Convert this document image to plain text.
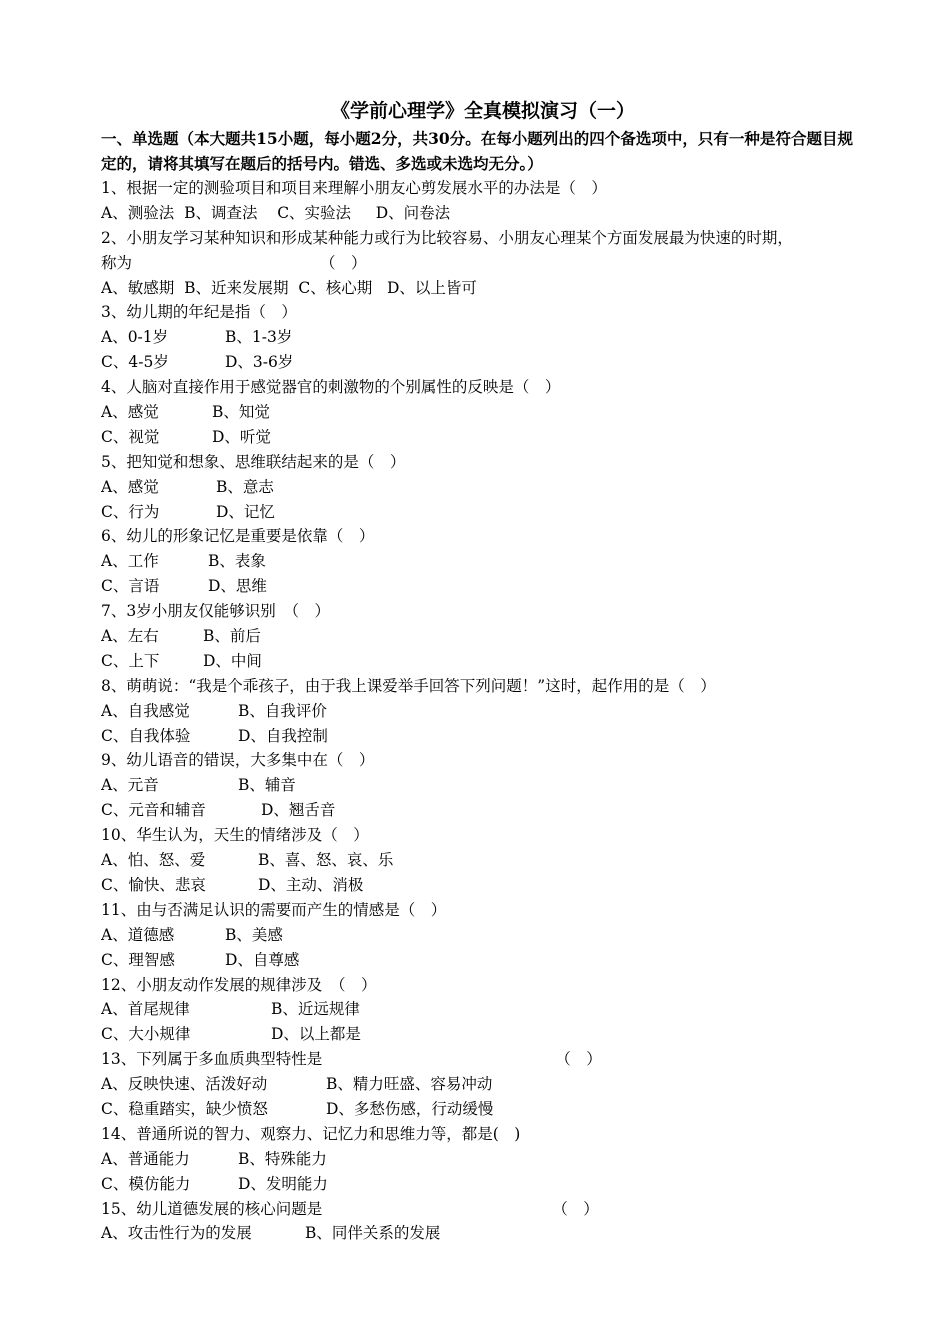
《学前心理学》全真模拟演习（一）
一、单选题（本大题共15小题，每小题2分，共30分。在每小题列出的四个备选项中，只有一种是符合题目规定的，请将其填写在题后的括号内。错选、多选或未选均无分。）
1、根据一定的测验项目和项目来理解小朋友心剪发展水平的办法是（　）
A、测验法 B、调查法 C、实验法 D、问卷法
2、小朋友学习某种知识和形成某种能力或行为比较容易、小朋友心理某个方面发展最为快速的时期，
称为	（　）
A、敏感期 B、近来发展期 C、核心期 D、以上皆可
3、幼儿期的年纪是指（　）
A、0-1岁	B、1-3岁
C、4-5岁	D、3-6岁
4、人脑对直接作用于感觉器官的刺激物的个别属性的反映是（　）
A、感觉	B、知觉
C、视觉	D、听觉
5、把知觉和想象、思维联结起来的是（　）
A、感觉	B、意志
C、行为	D、记忆
6、幼儿的形象记忆是重要是依靠（　）
A、工作	B、表象
C、言语	D、思维
7、3岁小朋友仅能够识别　（　）
A、左右	B、前后
C、上下	D、中间
8、萌萌说：“我是个乖孩子，由于我上课爱举手回答下列问题！”这时，起作用的是（　）
A、自我感觉	B、自我评价
C、自我体验	D、自我控制
9、幼儿语音的错误，大多集中在（　）
A、元音	B、辅音
C、元音和辅音	D、翘舌音
10、华生认为，天生的情绪涉及（　）
A、怕、怒、爱	B、喜、怒、哀、乐
C、愉快、悲哀	D、主动、消极
11、由与否满足认识的需要而产生的情感是（　）
A、道德感	B、美感
C、理智感	D、自尊感
12、小朋友动作发展的规律涉及　（　）
A、首尾规律	B、近远规律
C、大小规律	D、以上都是
13、下列属于多血质典型特性是	（　）
A、反映快速、活泼好动	B、精力旺盛、容易冲动
C、稳重踏实，缺少愤怒	D、多愁伤感，行动缓慢
14、普通所说的智力、观察力、记忆力和思维力等，都是(　)
A、普通能力	B、特殊能力
C、模仿能力	D、发明能力
15、幼儿道德发展的核心问题是	（　）
A、攻击性行为的发展	B、同伴关系的发展
